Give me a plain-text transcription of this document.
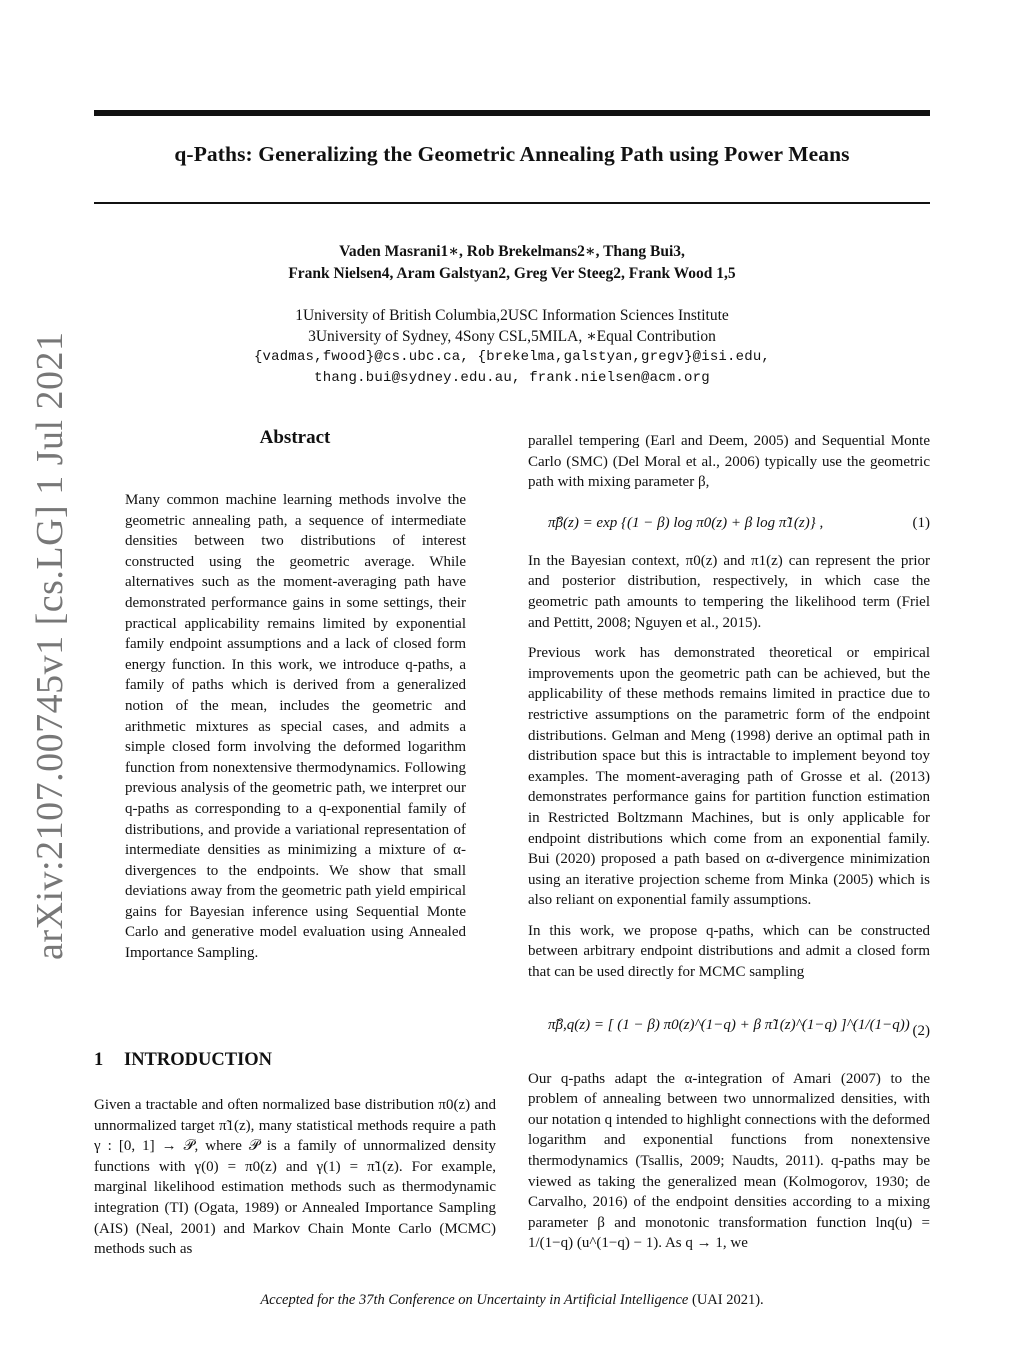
q-Paths: Generalizing the Geometric Annealing Path using Power Means
Vaden Masrani1∗, Rob Brekelmans2∗, Thang Bui3,
Frank Nielsen4, Aram Galstyan2, Greg Ver Steeg2, Frank Wood 1,5
1University of British Columbia,2USC Information Sciences Institute
3University of Sydney, 4Sony CSL,5MILA, ∗Equal Contribution
{vadmas,fwood}@cs.ubc.ca, {brekelma,galstyan,gregv}@isi.edu,
thang.bui@sydney.edu.au, frank.nielsen@acm.org
arXiv:2107.00745v1 [cs.LG] 1 Jul 2021	Abstract
Many common machine learning methods involve the geometric annealing path, a sequence of intermediate densities between two distributions of interest constructed using the geometric average. While alternatives such as the moment-averaging path have demonstrated performance gains in some settings, their practical applicability remains limited by exponential family endpoint assumptions and a lack of closed form energy function. In this work, we introduce q-paths, a family of paths which is derived from a generalized notion of the mean, includes the geometric and arithmetic mixtures as special cases, and admits a simple closed form involving the deformed logarithm function from nonextensive thermodynamics. Following previous analysis of the geometric path, we interpret our q-paths as corresponding to a q-exponential family of distributions, and provide a variational representation of intermediate densities as minimizing a mixture of α-divergences to the endpoints. We show that small deviations away from the geometric path yield empirical gains for Bayesian inference using Sequential Monte Carlo and generative model evaluation using Annealed Importance Sampling.
1 INTRODUCTION
Given a tractable and often normalized base distribution π0(z) and unnormalized target π̃1(z), many statistical methods require a path γ : [0, 1] → 𝒫, where 𝒫 is a family of unnormalized density functions with γ(0) = π0(z) and γ(1) = π̃1(z). For example, marginal likelihood estimation methods such as thermodynamic integration (TI) (Ogata, 1989) or Annealed Importance Sampling (AIS) (Neal, 2001) and Markov Chain Monte Carlo (MCMC) methods such as

parallel tempering (Earl and Deem, 2005) and Sequential Monte Carlo (SMC) (Del Moral et al., 2006) typically use the geometric path with mixing parameter β,

π̃β(z) = exp {(1 − β) log π0(z) + β log π̃1(z)} ,	(1)

In the Bayesian context, π0(z) and π1(z) can represent the prior and posterior distribution, respectively, in which case the geometric path amounts to tempering the likelihood term (Friel and Pettitt, 2008; Nguyen et al., 2015).

Previous work has demonstrated theoretical or empirical improvements upon the geometric path can be achieved, but the applicability of these methods remains limited in practice due to restrictive assumptions on the parametric form of the endpoint distributions. Gelman and Meng (1998) derive an optimal path in distribution space but this is intractable to implement beyond toy examples. The moment-averaging path of Grosse et al. (2013) demonstrates performance gains for partition function estimation in Restricted Boltzmann Machines, but is only applicable for endpoint distributions which come from an exponential family. Bui (2020) proposed a path based on α-divergence minimization using an iterative projection scheme from Minka (2005) which is also reliant on exponential family assumptions.

In this work, we propose q-paths, which can be constructed between arbitrary endpoint distributions and admit a closed form that can be used directly for MCMC sampling

π̃β,q(z) = [ (1 − β) π0(z)^(1−q) + β π̃1(z)^(1−q) ]^(1/(1−q)) (2)

Our q-paths adapt the α-integration of Amari (2007) to the problem of annealing between two unnormalized densities, with our notation q intended to highlight connections with the deformed logarithm and exponential functions from nonextensive thermodynamics (Tsallis, 2009; Naudts, 2011). q-paths may be viewed as taking the generalized mean (Kolmogorov, 1930; de Carvalho, 2016) of the endpoint densities according to a mixing parameter β and monotonic transformation function lnq(u) = 1/(1−q) (u^(1−q) − 1). As q → 1, we

Accepted for the 37th Conference on Uncertainty in Artificial Intelligence (UAI 2021).
